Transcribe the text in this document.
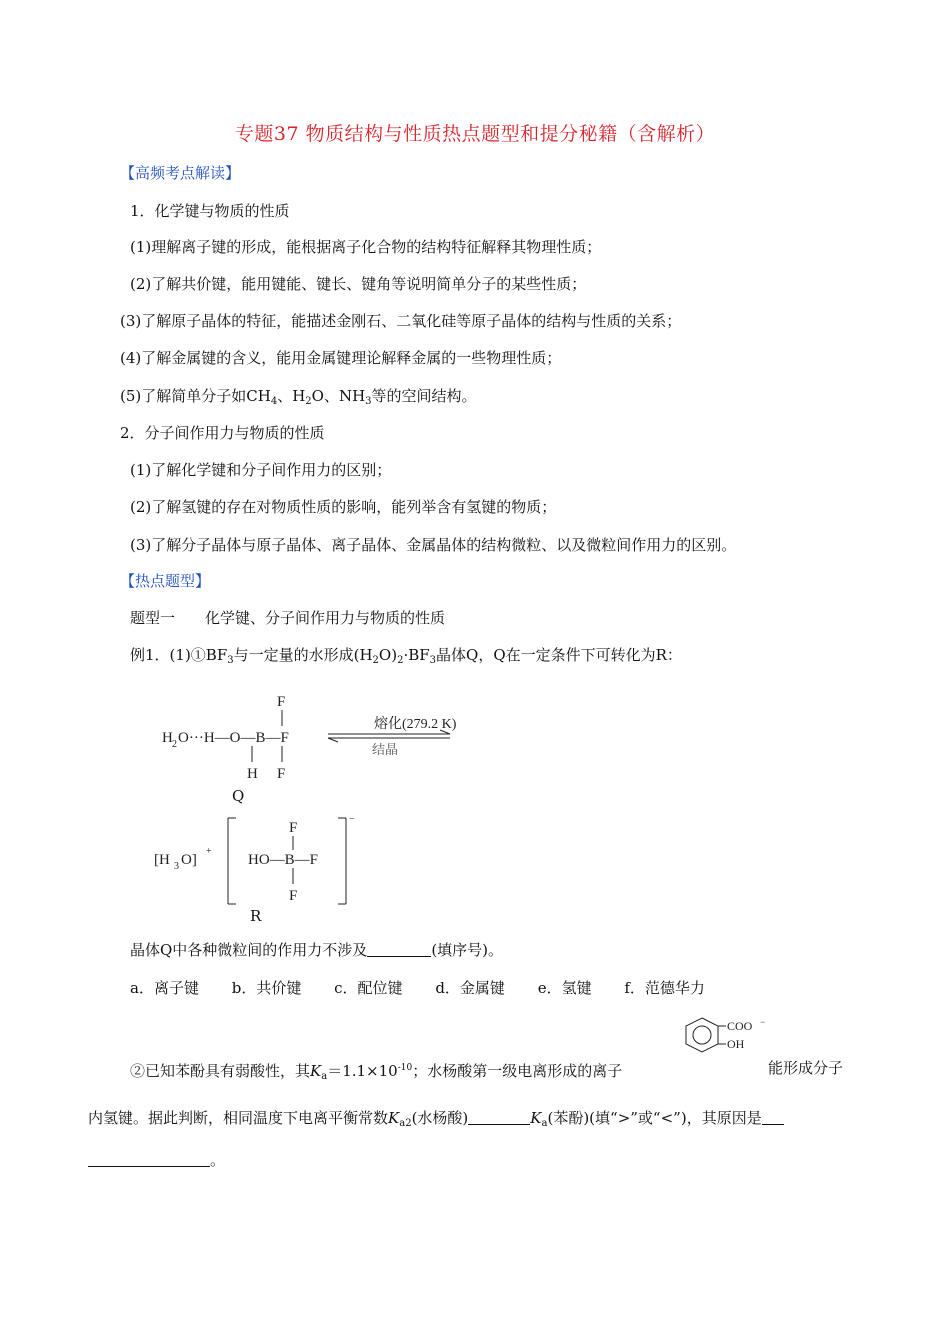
专题37 物质结构与性质热点题型和提分秘籍（含解析）
【高频考点解读】
1．化学键与物质的性质
(1)理解离子键的形成，能根据离子化合物的结构特征解释其物理性质；
(2)了解共价键，能用键能、键长、键角等说明简单分子的某些性质；
(3)了解原子晶体的特征，能描述金刚石、二氧化硅等原子晶体的结构与性质的关系；
(4)了解金属键的含义，能用金属键理论解释金属的一些物理性质；
(5)了解简单分子如$CH_4$、$H_2O$、$NH_3$等的空间结构。
2．分子间作用力与物质的性质
(1)了解化学键和分子间作用力的区别；
(2)了解氢键的存在对物质性质的影响，能列举含有氢键的物质；
(3)了解分子晶体与原子晶体、离子晶体、金属晶体的结构微粒、以及微粒间作用力的区别。
【热点题型】
题型一　　化学键、分子间作用力与物质的性质
例1．$(1)①BF_3$与一定量的水形成$(H_2O)_2\cdot BF_3$晶体Q，Q在一定条件下可转化为R：
H 2 O···H—O—B—F
F
F
H
熔化(279.2 K)
结晶
Q
[H 3 O]
+
HO—B—F
F
F
−
R
晶体Q中各种微粒间的作用力不涉及	(填序号)。
a．离子键 b．共价键 c．配位键 d．金属键 e．氢键 f．范德华力
COO −
OH
②已知苯酚具有弱酸性，其$K_a=1.1\times 10^{-10}$；水杨酸第一级电离形成的离子	能形成分子
内氢键。据此判断，相同温度下电离平衡常数$K_{a2}$(水杨酸)	$K_a$(苯酚)(填“>”或“<”)，其原因是
。
